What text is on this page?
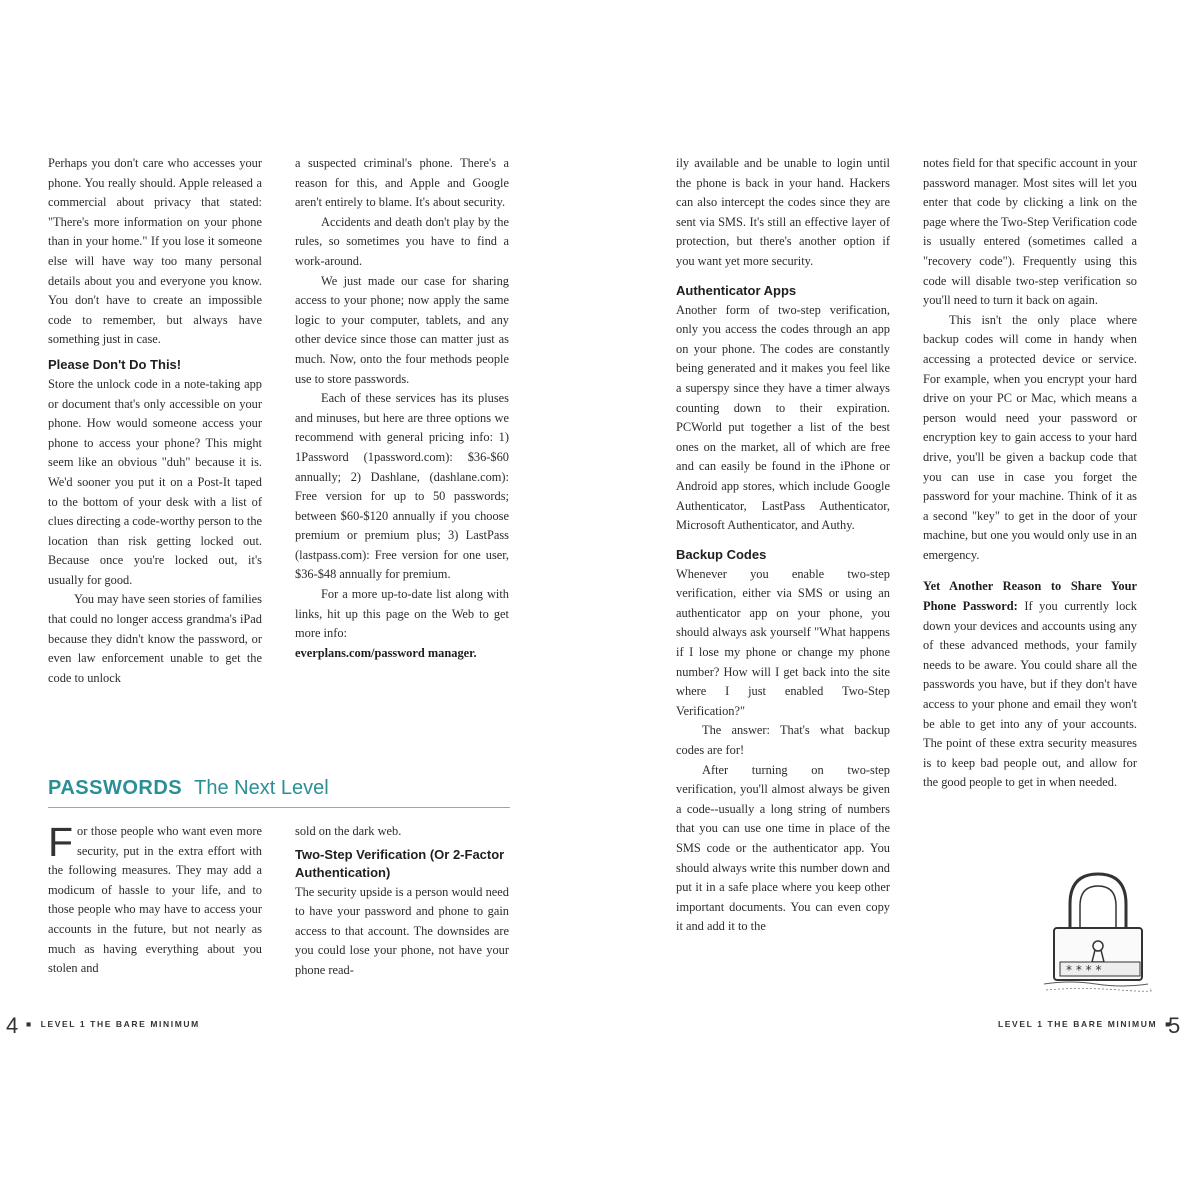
Perhaps you don't care who accesses your phone. You really should. Apple released a commercial about privacy that stated: "There's more information on your phone than in your home." If you lose it someone else will have way too many personal details about you and everyone you know. You don't have to create an impossible code to remember, but always have something just in case.

Please Don't Do This!

Store the unlock code in a note-taking app or document that's only accessible on your phone. How would someone access your phone to access your phone? This might seem like an obvious "duh" because it is. We'd sooner you put it on a Post-It taped to the bottom of your desk with a list of clues directing a code-worthy person to the location than risk getting locked out. Because once you're locked out, it's usually for good.

You may have seen stories of families that could no longer access grandma's iPad because they didn't know the password, or even law enforcement unable to get the code to unlock

a suspected criminal's phone. There's a reason for this, and Apple and Google aren't entirely to blame. It's about security.

Accidents and death don't play by the rules, so sometimes you have to find a work-around.

We just made our case for sharing access to your phone; now apply the same logic to your computer, tablets, and any other device since those can matter just as much. Now, onto the four methods people use to store passwords.

Each of these services has its pluses and minuses, but here are three options we recommend with general pricing info: 1) 1Password (1password.com): $36-$60 annually; 2) Dashlane, (dashlane.com): Free version for up to 50 passwords; between $60-$120 annually if you choose premium or premium plus; 3) LastPass (lastpass.com): Free version for one user, $36-$48 annually for premium.

For a more up-to-date list along with links, hit up this page on the Web to get more info:

everplans.com/password manager.

PASSWORDS The Next Level

For those people who want even more security, put in the extra effort with the following measures. They may add a modicum of hassle to your life, and to those people who may have to access your accounts in the future, but not nearly as much as having everything about you stolen and

sold on the dark web.

Two-Step Verification (Or 2-Factor Authentication)

The security upside is a person would need to have your password and phone to gain access to that account. The downsides are you could lose your phone, not have your phone read-

ily available and be unable to login until the phone is back in your hand. Hackers can also intercept the codes since they are sent via SMS. It's still an effective layer of protection, but there's another option if you want yet more security.

Authenticator Apps

Another form of two-step verification, only you access the codes through an app on your phone. The codes are constantly being generated and it makes you feel like a superspy since they have a timer always counting down to their expiration. PCWorld put together a list of the best ones on the market, all of which are free and can easily be found in the iPhone or Android app stores, which include Google Authenticator, LastPass Authenticator, Microsoft Authenticator, and Authy.

Backup Codes

Whenever you enable two-step verification, either via SMS or using an authenticator app on your phone, you should always ask yourself "What happens if I lose my phone or change my phone number? How will I get back into the site where I just enabled Two-Step Verification?"

The answer: That's what backup codes are for!

After turning on two-step verification, you'll almost always be given a code--usually a long string of numbers that you can use one time in place of the SMS code or the authenticator app. You should always write this number down and put it in a safe place where you keep other important documents. You can even copy it and add it to the

notes field for that specific account in your password manager. Most sites will let you enter that code by clicking a link on the page where the Two-Step Verification code is usually entered (sometimes called a "recovery code"). Frequently using this code will disable two-step verification so you'll need to turn it back on again.

This isn't the only place where backup codes will come in handy when accessing a protected device or service. For example, when you encrypt your hard drive on your PC or Mac, which means a person would need your password or encryption key to gain access to your hard drive, you'll be given a backup code that you can use in case you forget the password for your machine. Think of it as a second "key" to get in the door of your machine, but one you would only use in an emergency.

Yet Another Reason to Share Your Phone Password: If you currently lock down your devices and accounts using any of these advanced methods, your family needs to be aware. You could share all the passwords you have, but if they don't have access to your phone and email they won't be able to get into any of your accounts. The point of these extra security measures is to keep bad people out, and allow for the good people to get in when needed.

* * * *
4 ■  LEVEL 1 THE BARE MINIMUM	LEVEL 1 THE BARE MINIMUM  ■
5
